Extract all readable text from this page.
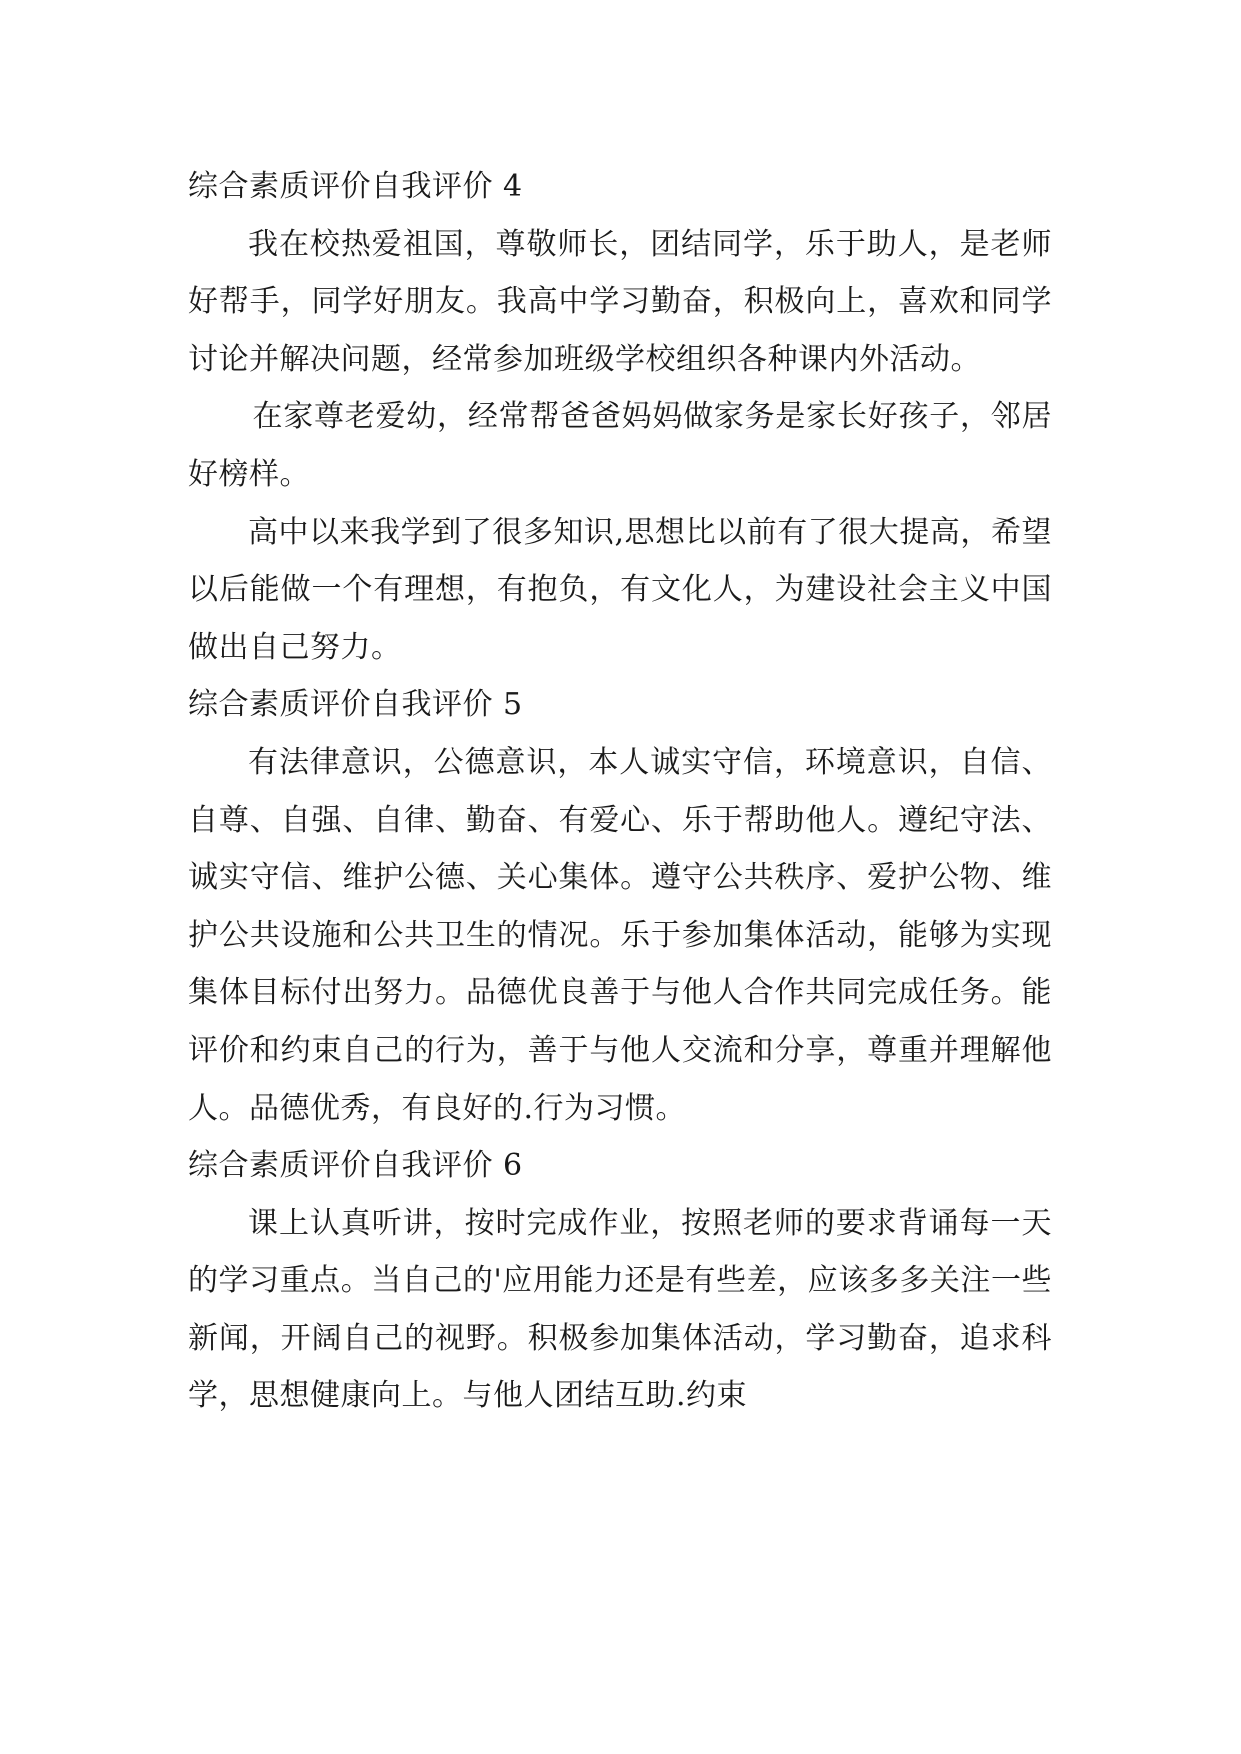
综合素质评价自我评价 4

我在校热爱祖国，尊敬师长，团结同学，乐于助人，是老师好帮手，同学好朋友。我高中学习勤奋，积极向上，喜欢和同学讨论并解决问题，经常参加班级学校组织各种课内外活动。

在家尊老爱幼，经常帮爸爸妈妈做家务是家长好孩子，邻居好榜样。

高中以来我学到了很多知识,思想比以前有了很大提高，希望以后能做一个有理想，有抱负，有文化人，为建设社会主义中国做出自己努力。

综合素质评价自我评价 5

有法律意识，公德意识，本人诚实守信，环境意识，自信、自尊、自强、自律、勤奋、有爱心、乐于帮助他人。遵纪守法、诚实守信、维护公德、关心集体。遵守公共秩序、爱护公物、维护公共设施和公共卫生的情况。乐于参加集体活动，能够为实现集体目标付出努力。品德优良善于与他人合作共同完成任务。能评价和约束自己的行为，善于与他人交流和分享，尊重并理解他人。品德优秀，有良好的.行为习惯。

综合素质评价自我评价 6

课上认真听讲，按时完成作业，按照老师的要求背诵每一天的学习重点。当自己的'应用能力还是有些差，应该多多关注一些新闻，开阔自己的视野。积极参加集体活动，学习勤奋，追求科学，思想健康向上。与他人团结互助.约束
